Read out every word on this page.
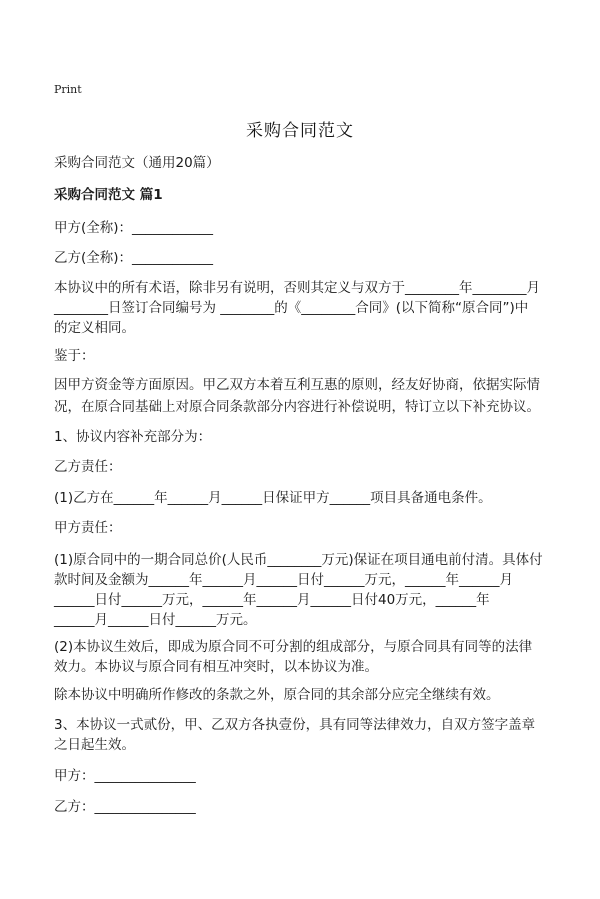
Print
采购合同范文
采购合同范文（通用20篇）
采购合同范文 篇1
甲方(全称)：____________
乙方(全称)：____________
本协议中的所有术语，除非另有说明，否则其定义与双方于________年________月
________日签订合同编号为 ________的《________合同》(以下简称“原合同”)中
的定义相同。
鉴于：
因甲方资金等方面原因。甲乙双方本着互利互惠的原则，经友好协商，依据实际情
况，在原合同基础上对原合同条款部分内容进行补偿说明，特订立以下补充协议。
1、协议内容补充部分为：
乙方责任：
(1)乙方在______年______月______日保证甲方______项目具备通电条件。
甲方责任：
(1)原合同中的一期合同总价(人民币________万元)保证在项目通电前付清。具体付
款时间及金额为______年______月______日付______万元，______年______月
______日付______万元，______年______月______日付40万元，______年
______月______日付______万元。
(2)本协议生效后，即成为原合同不可分割的组成部分，与原合同具有同等的法律
效力。本协议与原合同有相互冲突时，以本协议为准。
除本协议中明确所作修改的条款之外，原合同的其余部分应完全继续有效。
3、本协议一式贰份，甲、乙双方各执壹份，具有同等法律效力，自双方签字盖章
之日起生效。
甲方：_______________
乙方：_______________
